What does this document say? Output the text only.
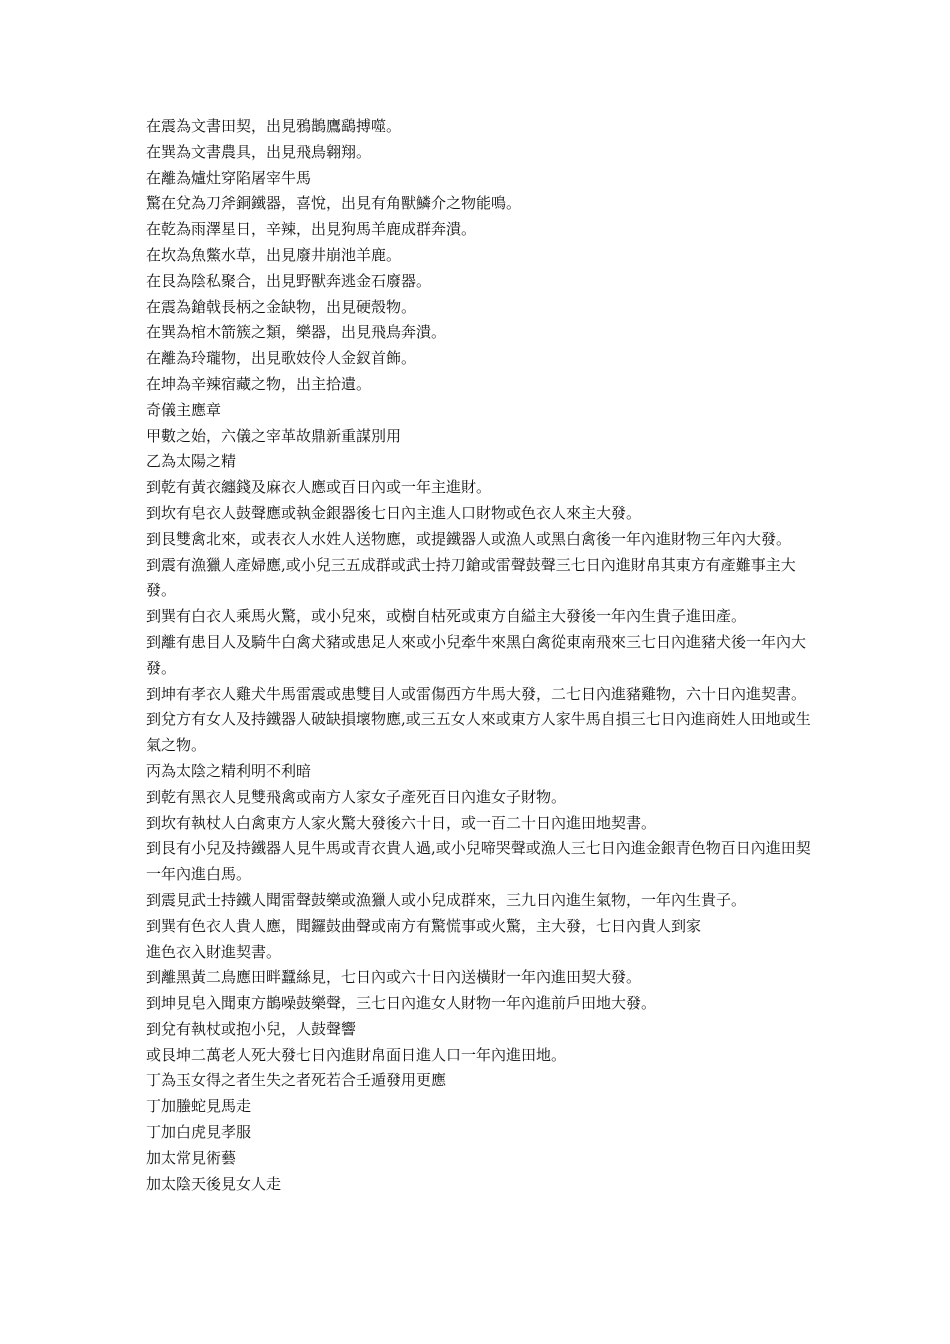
在震為文書田契，出見鴉鵲鷹鷂搏噬。

在巽為文書農具，出見飛鳥翱翔。

在離為爐灶穿陷屠宰牛馬

驚在兌為刀斧銅鐵器，喜悅，出見有角獸鱗介之物能鳴。

在乾為雨澤星日，辛辣，出見狗馬羊鹿成群奔潰。

在坎為魚鱉水草，出見廢井崩池羊鹿。

在艮為陰私聚合，出見野獸奔逃金石廢器。

在震為鎗戟長柄之金缺物，出見硬殼物。

在巽為棺木箭簇之類，樂器，出見飛鳥奔潰。

在離為玲瓏物，出見歌妓伶人金釵首飾。

在坤為辛辣宿藏之物，出主拾遺。

奇儀主應章

甲數之始，六儀之宰革故鼎新重謀別用

乙為太陽之精

到乾有黃衣纏錢及麻衣人應或百日內或一年主進財。

到坎有皂衣人鼓聲應或執金銀器後七日內主進人口財物或色衣人來主大發。

到艮雙禽北來，或表衣人水姓人送物應，或提鐵器人或漁人或黑白禽後一年內進財物三年內大發。

到震有漁獵人產婦應,或小兒三五成群或武士持刀鎗或雷聲鼓聲三七日內進財帛其東方有產難事主大發。

到巽有白衣人乘馬火驚，或小兒來，或樹自枯死或東方自縊主大發後一年內生貴子進田產。

到離有患目人及騎牛白禽犬豬或患足人來或小兒牽牛來黑白禽從東南飛來三七日內進豬犬後一年內大發。

到坤有孝衣人雞犬牛馬雷震或患雙目人或雷傷西方牛馬大發，二七日內進豬雞物，六十日內進契書。

到兌方有女人及持鐵器人破缺損壞物應,或三五女人來或東方人家牛馬自損三七日內進商姓人田地或生氣之物。

丙為太陰之精利明不利暗

到乾有黑衣人見雙飛禽或南方人家女子產死百日內進女子財物。

到坎有執杖人白禽東方人家火驚大發後六十日，或一百二十日內進田地契書。

到艮有小兒及持鐵器人見牛馬或青衣貴人過,或小兒啼哭聲或漁人三七日內進金銀青色物百日內進田契一年內進白馬。

到震見武士持鐵人聞雷聲鼓樂或漁獵人或小兒成群來，三九日內進生氣物，一年內生貴子。

到巽有色衣人貴人應，聞鑼鼓曲聲或南方有驚慌事或火驚，主大發，七日內貴人到家

進色衣入財進契書。

到離黑黃二鳥應田畔蠶絲見，七日內或六十日內送橫財一年內進田契大發。

到坤見皂入聞東方鵲噪鼓樂聲，三七日內進女人財物一年內進前戶田地大發。

到兌有執杖或抱小兒，人鼓聲響

或艮坤二萬老人死大發七日內進財帛面日進人口一年內進田地。

丁為玉女得之者生失之者死若合壬遁發用更應

丁加螣蛇見馬走

丁加白虎見孝服

加太常見術藝

加太陰天後見女人走
